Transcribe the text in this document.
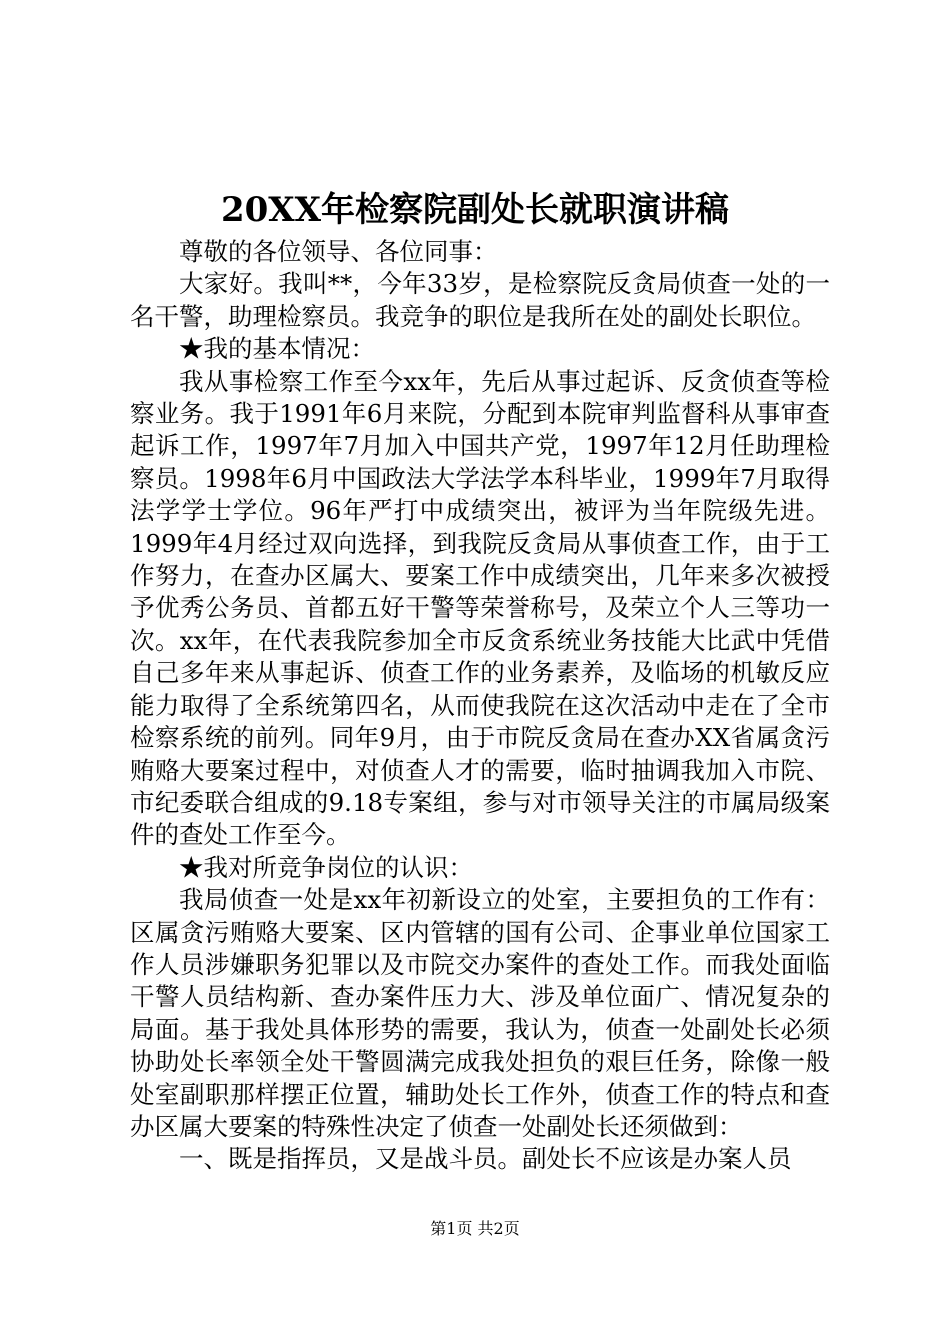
20XX年检察院副处长就职演讲稿

尊敬的各位领导、各位同事：

大家好。我叫**，今年33岁，是检察院反贪局侦查一处的一名干警，助理检察员。我竞争的职位是我所在处的副处长职位。

★我的基本情况：

我从事检察工作至今xx年，先后从事过起诉、反贪侦查等检察业务。我于1991年6月来院，分配到本院审判监督科从事审查起诉工作，1997年7月加入中国共产党，1997年12月任助理检察员。1998年6月中国政法大学法学本科毕业，1999年7月取得法学学士学位。96年严打中成绩突出，被评为当年院级先进。1999年4月经过双向选择，到我院反贪局从事侦查工作，由于工作努力，在查办区属大、要案工作中成绩突出，几年来多次被授予优秀公务员、首都五好干警等荣誉称号，及荣立个人三等功一次。xx年，在代表我院参加全市反贪系统业务技能大比武中凭借自己多年来从事起诉、侦查工作的业务素养，及临场的机敏反应能力取得了全系统第四名，从而使我院在这次活动中走在了全市检察系统的前列。同年9月，由于市院反贪局在查办XX省属贪污贿赂大要案过程中，对侦查人才的需要，临时抽调我加入市院、市纪委联合组成的9.18专案组，参与对市领导关注的市属局级案件的查处工作至今。

★我对所竞争岗位的认识：

我局侦查一处是xx年初新设立的处室，主要担负的工作有：区属贪污贿赂大要案、区内管辖的国有公司、企事业单位国家工作人员涉嫌职务犯罪以及市院交办案件的查处工作。而我处面临干警人员结构新、查办案件压力大、涉及单位面广、情况复杂的局面。基于我处具体形势的需要，我认为，侦查一处副处长必须协助处长率领全处干警圆满完成我处担负的艰巨任务，除像一般处室副职那样摆正位置，辅助处长工作外，侦查工作的特点和查办区属大要案的特殊性决定了侦查一处副处长还须做到：

一、既是指挥员，又是战斗员。副处长不应该是办案人员

第1页 共2页
